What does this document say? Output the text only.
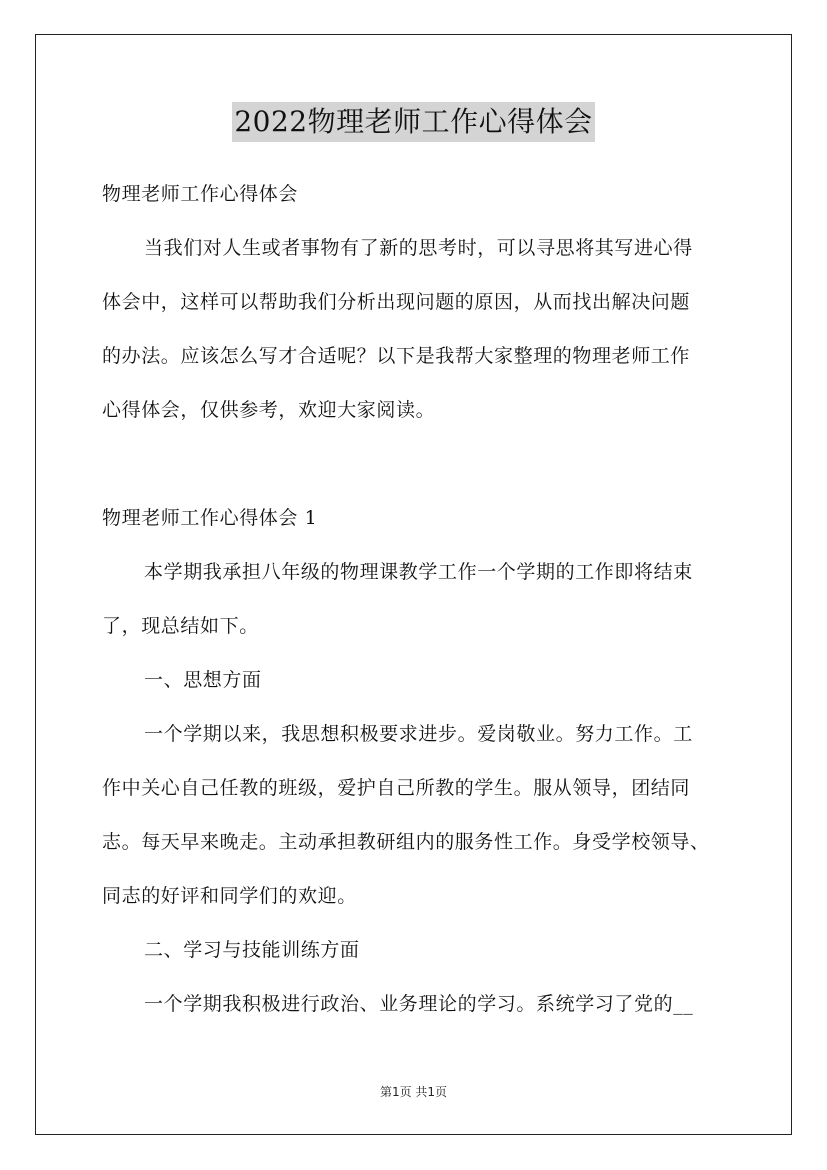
2022物理老师工作心得体会
物理老师工作心得体会
当我们对人生或者事物有了新的思考时，可以寻思将其写进心得
体会中，这样可以帮助我们分析出现问题的原因，从而找出解决问题
的办法。应该怎么写才合适呢？以下是我帮大家整理的物理老师工作
心得体会，仅供参考，欢迎大家阅读。
物理老师工作心得体会 1
本学期我承担八年级的物理课教学工作一个学期的工作即将结束
了，现总结如下。
一、思想方面
一个学期以来，我思想积极要求进步。爱岗敬业。努力工作。工
作中关心自己任教的班级，爱护自己所教的学生。服从领导，团结同
志。每天早来晚走。主动承担教研组内的服务性工作。身受学校领导、
同志的好评和同学们的欢迎。
二、学习与技能训练方面
一个学期我积极进行政治、业务理论的学习。系统学习了党的__
第1页 共1页
